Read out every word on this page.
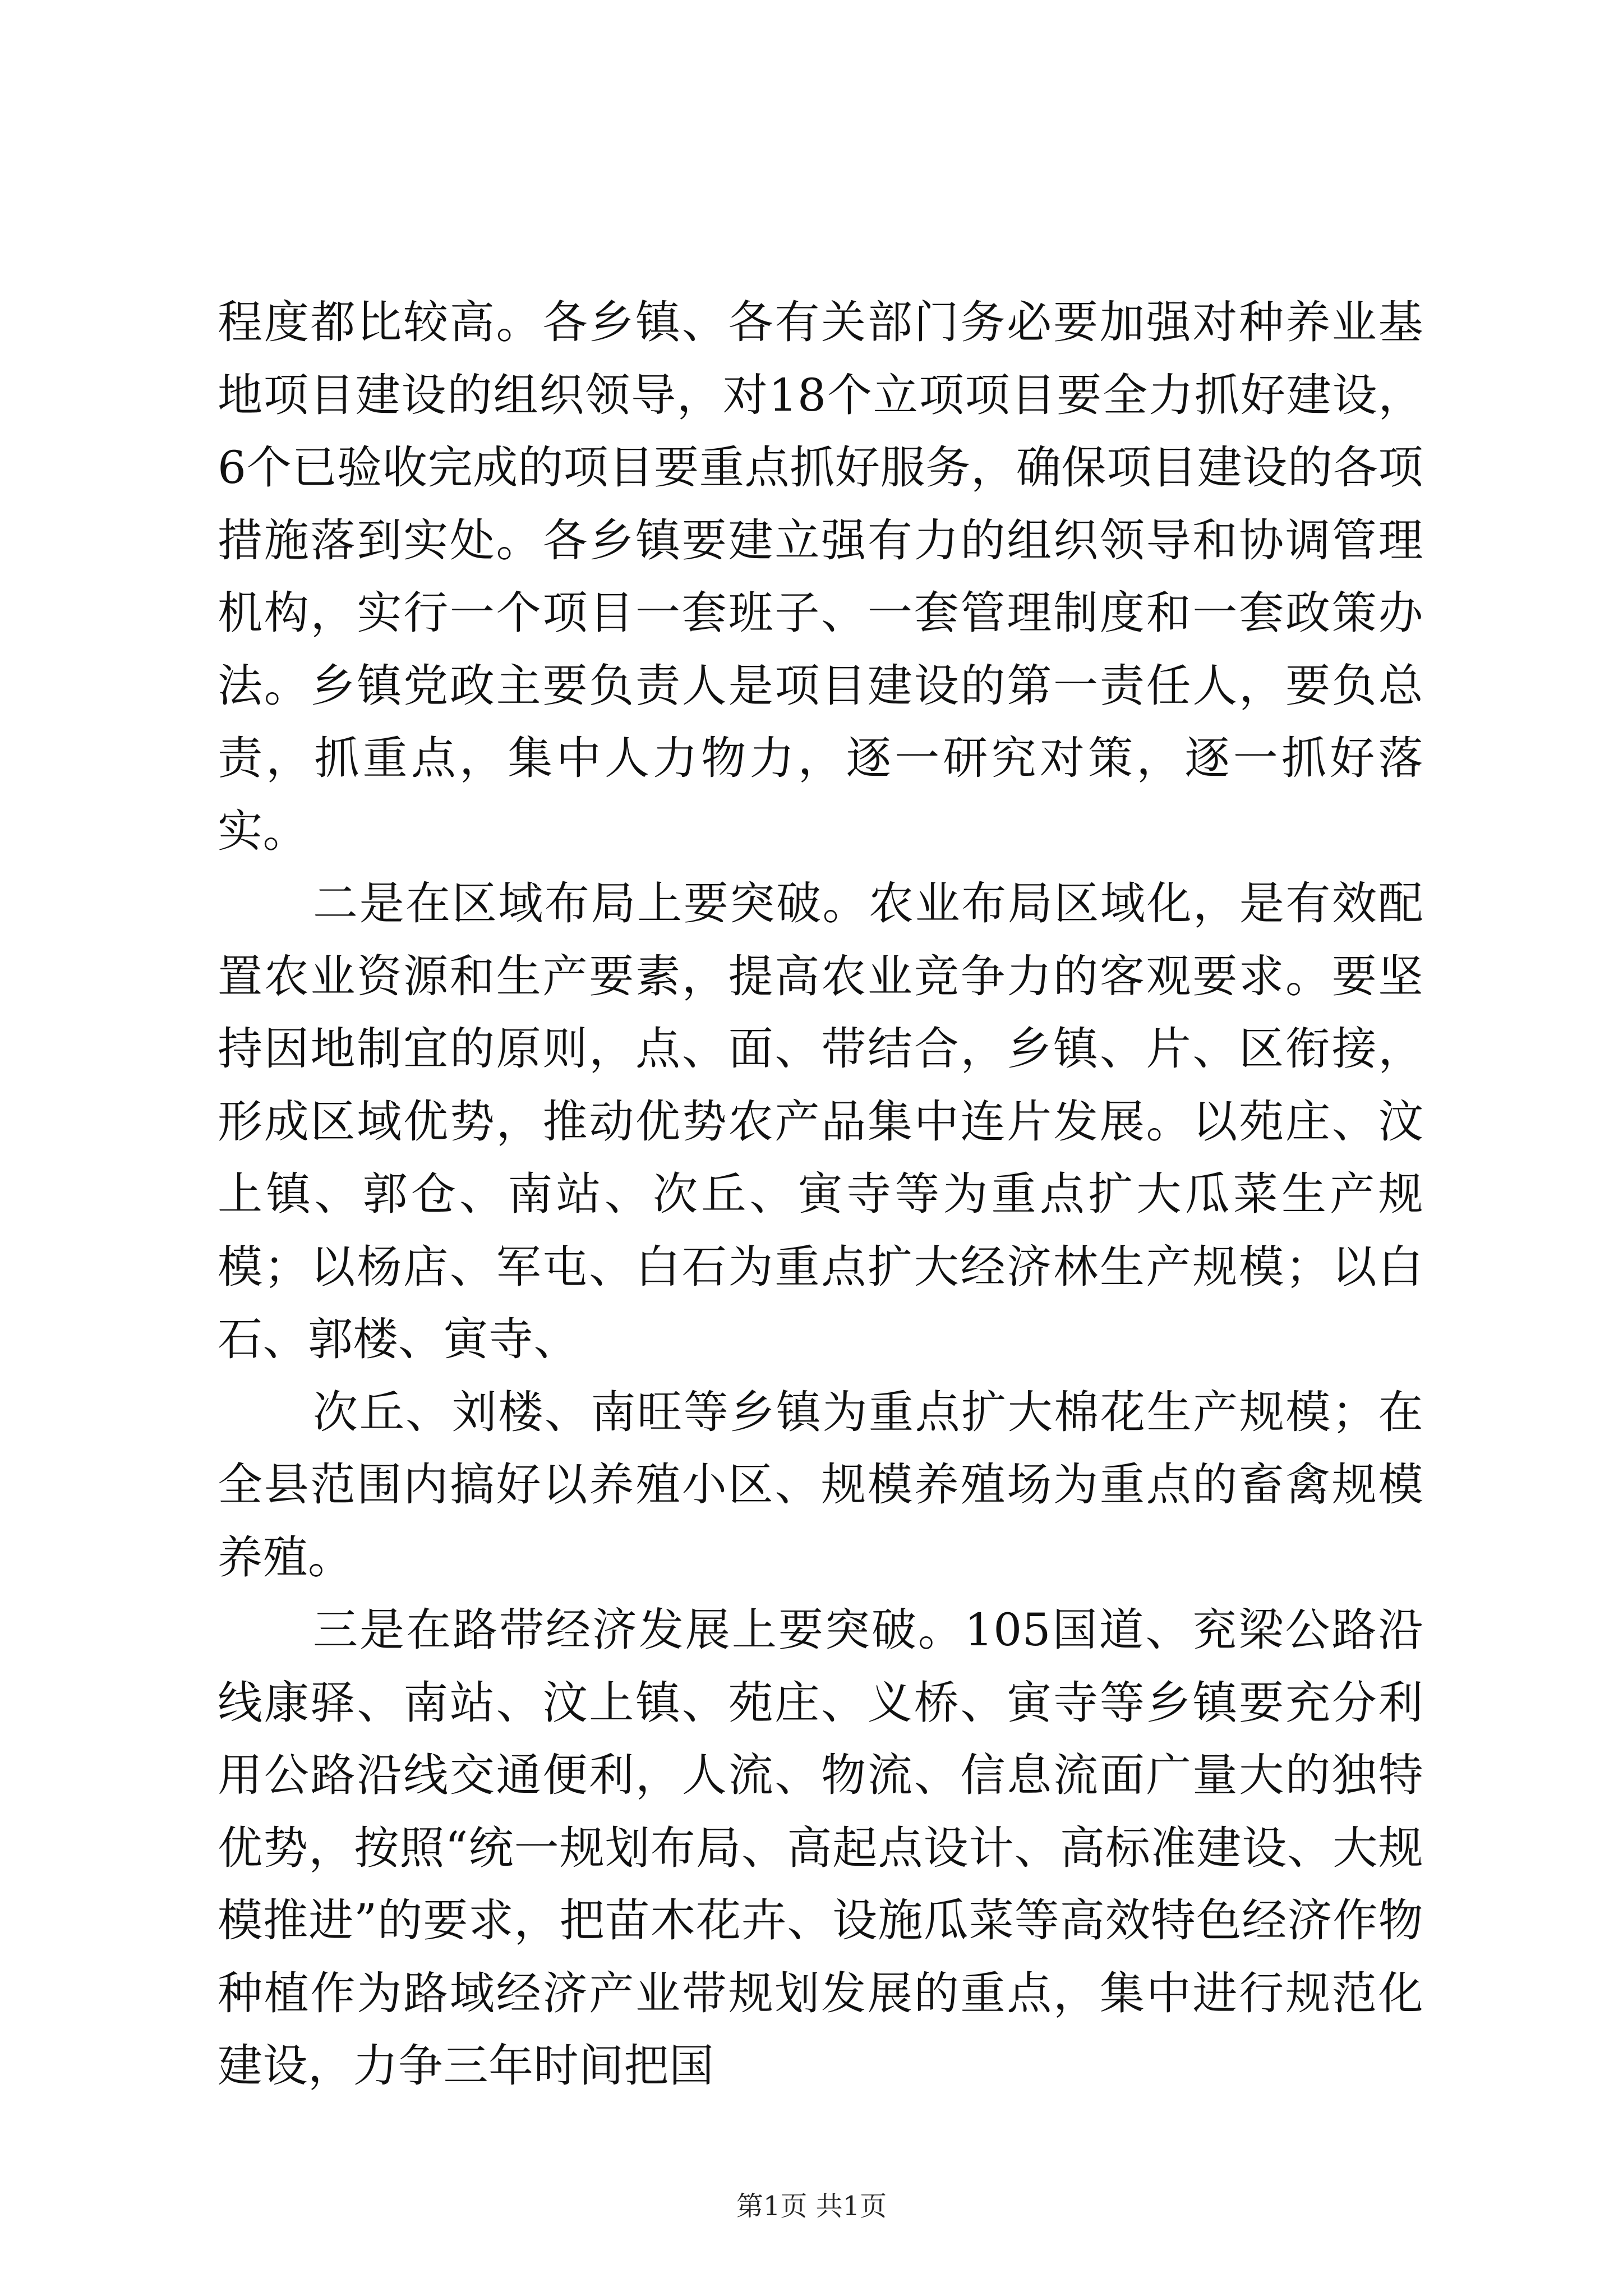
程度都比较高。各乡镇、各有关部门务必要加强对种养业基地项目建设的组织领导，对18个立项项目要全力抓好建设，6个已验收完成的项目要重点抓好服务，确保项目建设的各项措施落到实处。各乡镇要建立强有力的组织领导和协调管理机构，实行一个项目一套班子、一套管理制度和一套政策办法。乡镇党政主要负责人是项目建设的第一责任人，要负总责，抓重点，集中人力物力，逐一研究对策，逐一抓好落实。

二是在区域布局上要突破。农业布局区域化，是有效配置农业资源和生产要素，提高农业竞争力的客观要求。要坚持因地制宜的原则，点、面、带结合，乡镇、片、区衔接，形成区域优势，推动优势农产品集中连片发展。以苑庄、汶上镇、郭仓、南站、次丘、寅寺等为重点扩大瓜菜生产规模；以杨店、军屯、白石为重点扩大经济林生产规模；以白石、郭楼、寅寺、

次丘、刘楼、南旺等乡镇为重点扩大棉花生产规模；在全县范围内搞好以养殖小区、规模养殖场为重点的畜禽规模养殖。

三是在路带经济发展上要突破。105国道、兖梁公路沿线康驿、南站、汶上镇、苑庄、义桥、寅寺等乡镇要充分利用公路沿线交通便利，人流、物流、信息流面广量大的独特优势，按照“统一规划布局、高起点设计、高标准建设、大规模推进”的要求，把苗木花卉、设施瓜菜等高效特色经济作物种植作为路域经济产业带规划发展的重点，集中进行规范化建设，力争三年时间把国

第1页 共1页
